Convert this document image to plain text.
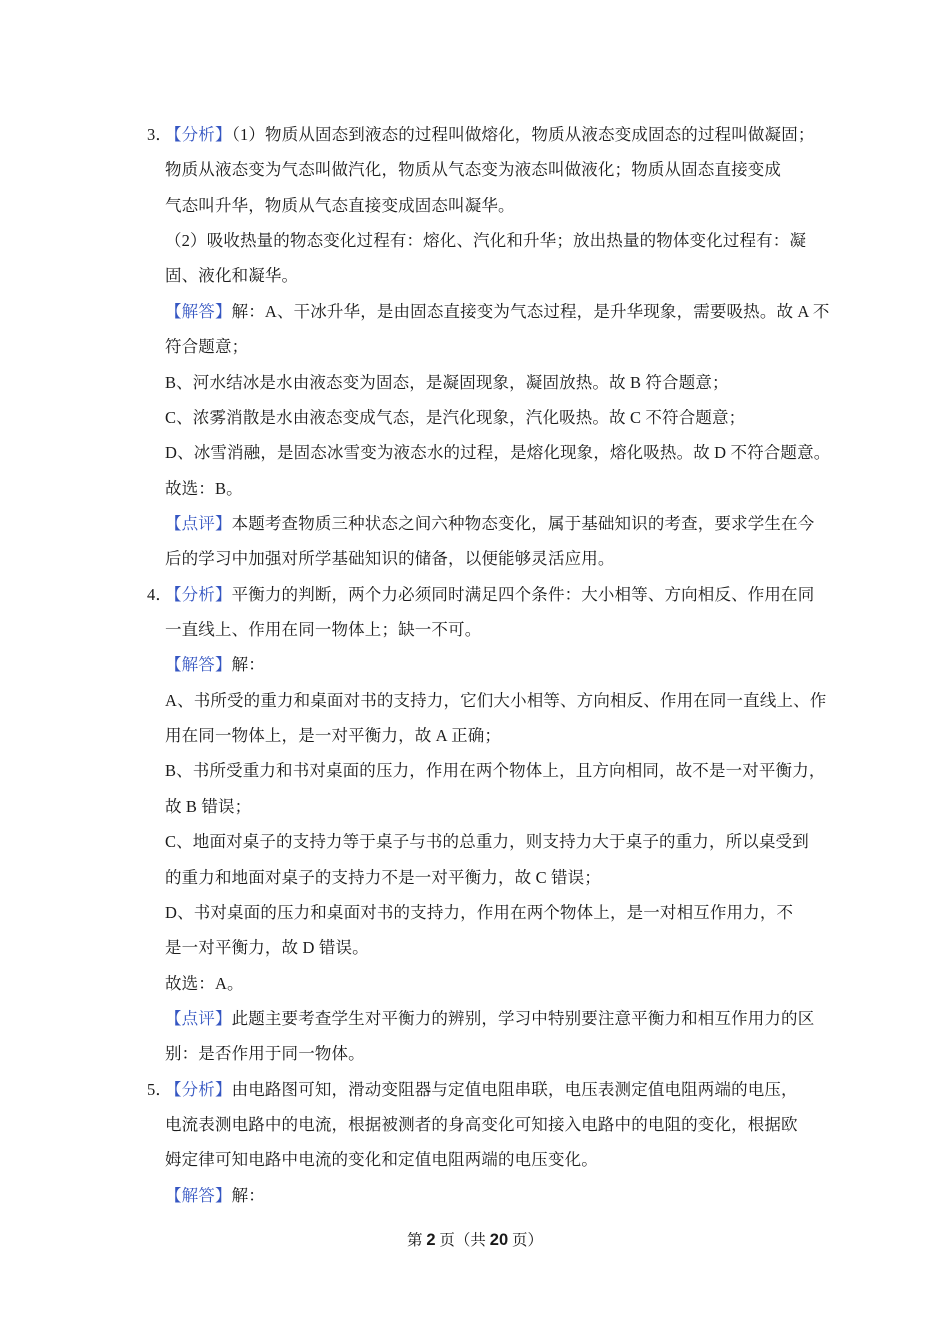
3．
【分析】（1）物质从固态到液态的过程叫做熔化，物质从液态变成固态的过程叫做凝固；
物质从液态变为气态叫做汽化，物质从气态变为液态叫做液化；物质从固态直接变成
气态叫升华，物质从气态直接变成固态叫凝华。
（2）吸收热量的物态变化过程有：熔化、汽化和升华；放出热量的物体变化过程有：凝
固、液化和凝华。
【解答】解：A、干冰升华，是由固态直接变为气态过程，是升华现象，需要吸热。故 A 不
符合题意；
B、河水结冰是水由液态变为固态，是凝固现象，凝固放热。故 B 符合题意；
C、浓雾消散是水由液态变成气态，是汽化现象，汽化吸热。故 C 不符合题意；
D、冰雪消融，是固态冰雪变为液态水的过程，是熔化现象，熔化吸热。故 D 不符合题意。
故选：B。
【点评】本题考查物质三种状态之间六种物态变化，属于基础知识的考查，要求学生在今
后的学习中加强对所学基础知识的储备，以便能够灵活应用。
4．
【分析】平衡力的判断，两个力必须同时满足四个条件：大小相等、方向相反、作用在同
一直线上、作用在同一物体上；缺一不可。
【解答】解：
A、书所受的重力和桌面对书的支持力，它们大小相等、方向相反、作用在同一直线上、作
用在同一物体上，是一对平衡力，故 A 正确；
B、书所受重力和书对桌面的压力，作用在两个物体上，且方向相同，故不是一对平衡力，
故 B 错误；
C、地面对桌子的支持力等于桌子与书的总重力，则支持力大于桌子的重力，所以桌受到
的重力和地面对桌子的支持力不是一对平衡力，故 C 错误；
D、书对桌面的压力和桌面对书的支持力，作用在两个物体上，是一对相互作用力，不
是一对平衡力，故 D 错误。
故选：A。
【点评】此题主要考查学生对平衡力的辨别，学习中特别要注意平衡力和相互作用力的区
别：是否作用于同一物体。
5．
【分析】由电路图可知，滑动变阻器与定值电阻串联，电压表测定值电阻两端的电压，
电流表测电路中的电流，根据被测者的身高变化可知接入电路中的电阻的变化，根据欧
姆定律可知电路中电流的变化和定值电阻两端的电压变化。
【解答】解：
第 2 页（共 20 页）
